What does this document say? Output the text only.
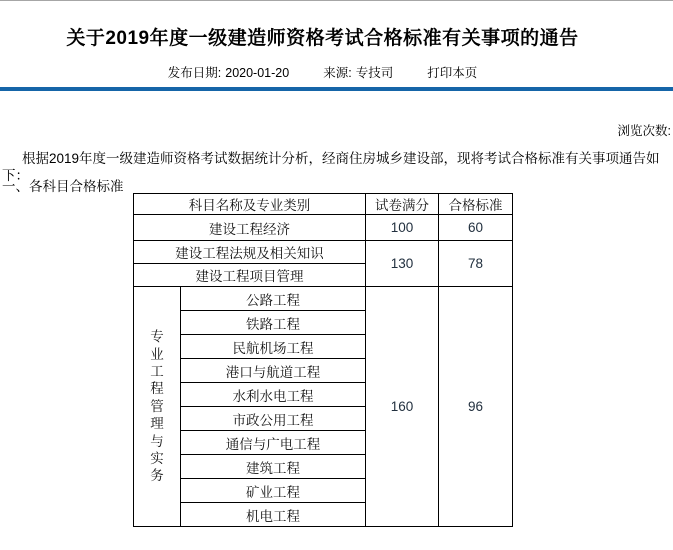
关于2019年度一级建造师资格考试合格标准有关事项的通告
发布日期: 2020-01-20	来源: 专技司	打印本页
浏览次数:

根据2019年度一级建造师资格考试数据统计分析，经商住房城乡建设部，现将考试合格标准有关事项通告如下：

一、各科目合格标准
科目名称及专业类别		试卷满分	合格标准
建设工程经济		100	60
建设工程法规及相关知识		130	78
建设工程项目管理			
专业工程管理与实务	公路工程	160	96
	铁路工程		
	民航机场工程		
	港口与航道工程		
	水利水电工程		
	市政公用工程		
	通信与广电工程		
	建筑工程		
	矿业工程		
	机电工程		
